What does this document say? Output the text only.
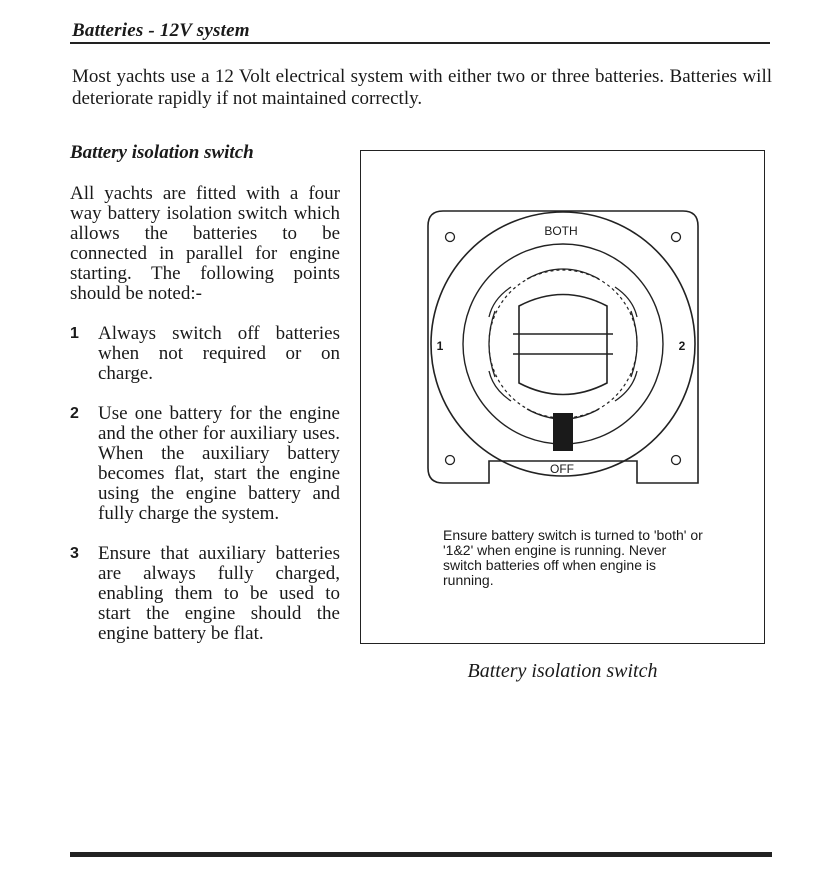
Batteries - 12V system
Most yachts use a 12 Volt electrical system with either two or three batteries. Batteries will deteriorate rapidly if not maintained correctly.
Battery isolation switch

All yachts are fitted with a four way battery isolation switch which allows the batteries to be connected in parallel for engine starting. The following points should be noted:-

1	Always switch off batteries when not required or on charge.
2	Use one battery for the engine and the other for auxiliary uses. When the auxiliary battery becomes flat, start the engine using the engine battery and fully charge the system.
3	Ensure that auxiliary batteries are always fully charged, enabling them to be used to start the engine should the engine battery be flat.
BOTH
OFF
1	2
Ensure battery switch is turned to 'both' or '1&2' when engine is running. Never switch batteries off when engine is running.
Battery isolation switch
